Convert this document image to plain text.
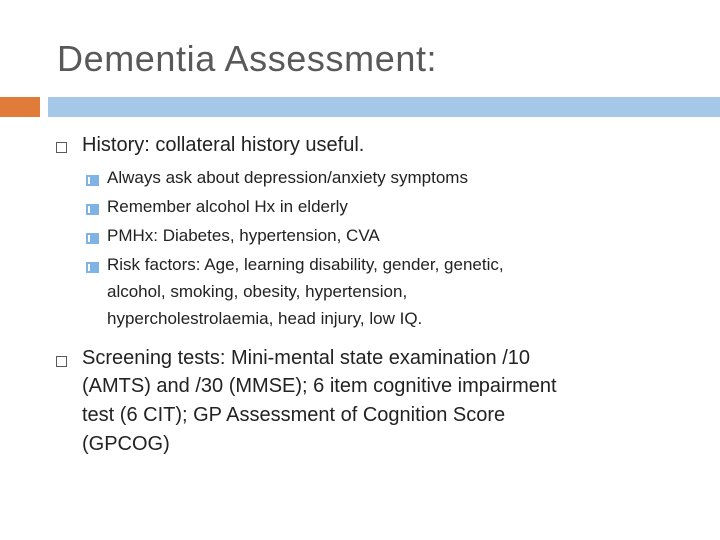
Dementia Assessment:
History: collateral history useful.
Always ask about depression/anxiety symptoms
Remember alcohol Hx in elderly
PMHx: Diabetes, hypertension, CVA
Risk factors: Age, learning disability, gender, genetic,
alcohol, smoking, obesity, hypertension,
hypercholestrolaemia, head injury, low IQ.
Screening tests: Mini-mental state examination /10
(AMTS) and /30 (MMSE); 6 item cognitive impairment
test (6 CIT); GP Assessment of Cognition Score
(GPCOG)
